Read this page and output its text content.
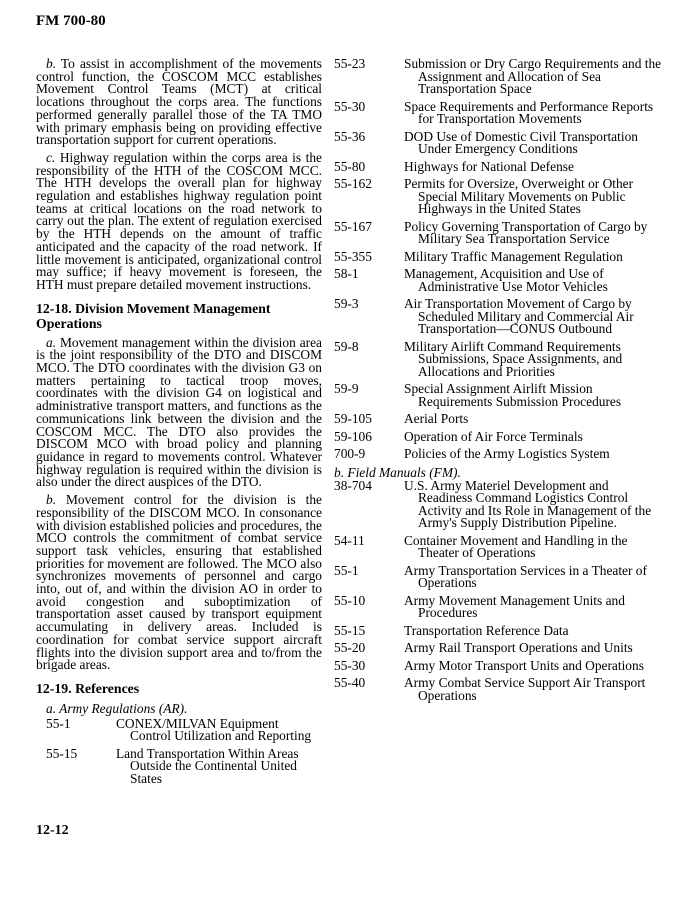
FM 700-80

b. To assist in accomplishment of the movements control function, the COSCOM MCC establishes Movement Control Teams (MCT) at critical locations throughout the corps area. The functions performed generally parallel those of the TA TMO with primary emphasis being on providing effective transportation support for current operations.

c. Highway regulation within the corps area is the responsibility of the HTH of the COSCOM MCC. The HTH develops the overall plan for highway regulation and establishes highway regulation point teams at critical locations on the road network to carry out the plan. The extent of regulation exercised by the HTH depends on the amount of traffic anticipated and the capacity of the road network. If little movement is anticipated, organizational control may suffice; if heavy movement is foreseen, the HTH must prepare detailed movement instructions.

12-18. Division Movement Management Operations

a. Movement management within the division area is the joint responsibility of the DTO and DISCOM MCO. The DTO coordinates with the division G3 on matters pertaining to tactical troop moves, coordinates with the division G4 on logistical and administrative transport matters, and functions as the communications link between the division and the COSCOM MCC. The DTO also provides the DISCOM MCO with broad policy and planning guidance in regard to movements control. Whatever highway regulation is required within the division is also under the direct auspices of the DTO.

b. Movement control for the division is the responsibility of the DISCOM MCO. In consonance with division established policies and procedures, the MCO controls the commitment of combat service support task vehicles, ensuring that established priorities for movement are followed. The MCO also synchronizes movements of personnel and cargo into, out of, and within the division AO in order to avoid congestion and suboptimization of transportation asset caused by transport equipment accumulating in delivery areas. Included is coordination for combat service support aircraft flights into the division support area and to/from the brigade areas.

12-19. References
a. Army Regulations (AR).
55-1	CONEX/MILVAN Equipment Control Utilization and Reporting
55-15	Land Transportation Within Areas Outside the Continental United States
55-23	Submission or Dry Cargo Requirements and the Assignment and Allocation of Sea Transportation Space
55-30	Space Requirements and Performance Reports for Transportation Movements
55-36	DOD Use of Domestic Civil Transportation Under Emergency Conditions
55-80	Highways for National Defense
55-162	Permits for Oversize, Overweight or Other Special Military Movements on Public Highways in the United States
55-167	Policy Governing Transportation of Cargo by Military Sea Transportation Service
55-355	Military Traffic Management Regulation
58-1	Management, Acquisition and Use of Administrative Use Motor Vehicles
59-3	Air Transportation Movement of Cargo by Scheduled Military and Commercial Air Transportation—CONUS Outbound
59-8	Military Airlift Command Requirements Submissions, Space Assignments, and Allocations and Priorities
59-9	Special Assignment Airlift Mission Requirements Submission Procedures
59-105	Aerial Ports
59-106	Operation of Air Force Terminals
700-9	Policies of the Army Logistics System
b. Field Manuals (FM).
38-704	U.S. Army Materiel Development and Readiness Command Logistics Control Activity and Its Role in Management of the Army's Supply Distribution Pipeline.
54-11	Container Movement and Handling in the Theater of Operations
55-1	Army Transportation Services in a Theater of Operations
55-10	Army Movement Management Units and Procedures
55-15	Transportation Reference Data
55-20	Army Rail Transport Operations and Units
55-30	Army Motor Transport Units and Operations
55-40	Army Combat Service Support Air Transport Operations
12-12
